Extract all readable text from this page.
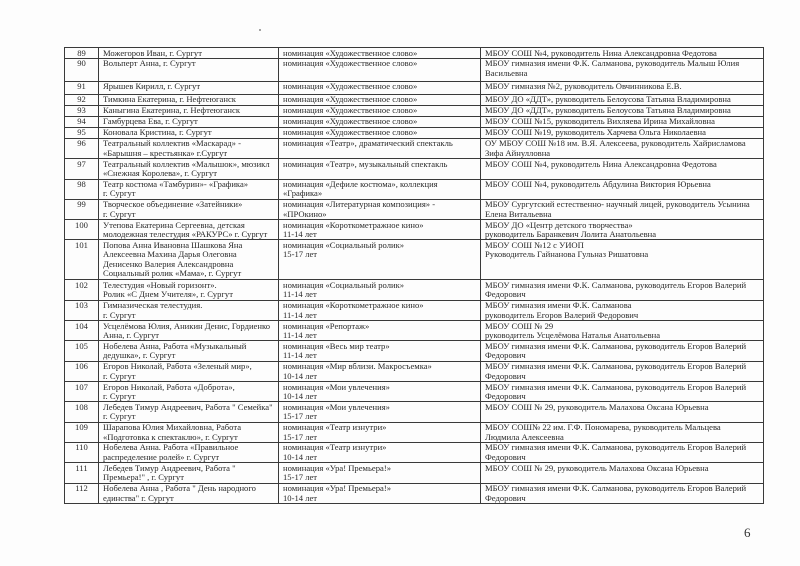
89	Можегоров Иван, г. Сургут	номинация «Художественное слово»	МБОУ СОШ №4, руководитель Нина Александровна Федотова

90	Вольперт Анна, г. Сургут	номинация «Художественное слово»	МБОУ гимназия имени Ф.К. Салманова, руководитель Малыш Юлия
Васильевна

91	Ярышев Кирилл, г. Сургут	номинация «Художественное слово»	МБОУ гимназия №2, руководитель Овчинникова Е.В.

92	Тимкина Екатерина, г. Нефтеюганск	номинация «Художественное слово»	МБОУ ДО «ДДТ», руководитель Белоусова Татьяна Владимировна

93	Каныгина Екатерина, г. Нефтеюганск	номинация «Художественное слово»	МБОУ ДО «ДДТ», руководитель Белоусова Татьяна Владимировна

94	Гамбурцева Ева, г. Сургут	номинация «Художественное слово»	МБОУ СОШ №15, руководитель Вихляева Ирина Михайловна

95	Коновала Кристина, г. Сургут	номинация «Художественное слово»	МБОУ СОШ №19, руководитель Харчева Ольга Николаевна

96	Театральный коллектив «Маскарад» -
«Барышня – крестьянка» г.Сургут	номинация «Театр», драматический спектакль	ОУ МБОУ СОШ №18 им. В.Я. Алексеева, руководитель Хайрисламова
Зифа Айнулловна

97	Театральный коллектив «Малышок», мюзикл
«Снежная Королева», г. Сургут	номинация «Театр», музыкальный спектакль	МБОУ СОШ №4, руководитель Нина Александровна Федотова

98	Театр костюма «Тамбурин»- «Графика»
г. Сургут	номинация «Дефиле костюма», коллекция
«Графика»	МБОУ СОШ №4, руководитель Абдулина Виктория Юрьевна

99	Творческое объединение «Затейники»
г. Сургут	номинация «Литературная композиция» -
«ПРОкино»	МБОУ Сургутский естественно- научный лицей, руководитель Усынина
Елена Витальевна

100	Утепова Екатерина Сергеевна, детская
молодежная телестудия «РАКУРС» г. Сургут	номинация «Короткометражное кино»
11-14 лет	МБОУ ДО «Центр детского творчества»
руководитель Баранкевич Лолита Анатольевна

101	Попова Анна Ивановна Шашкова Яна
Алексеевна Махина Дарья Олеговна
Денисенко Валерия Александровна
Социальный ролик «Мама», г. Сургут	номинация «Социальный ролик»
15-17 лет	МБОУ СОШ №12 с УИОП
Руководитель Гайнанова Гульназ Ришатовна

102	Телестудия «Новый горизонт».
Ролик «С Днем Учителя», г. Сургут	номинация «Социальный ролик»
11-14 лет	МБОУ гимназия имени Ф.К. Салманова, руководитель Егоров Валерий
Федорович

103	Гимназическая телестудия.
г. Сургут	номинация «Короткометражное кино»
11-14 лет	МБОУ гимназия имени Ф.К. Салманова
руководитель Егоров Валерий Федорович

104	Усцелёмова Юлия, Аникин Денис, Гордиенко
Анна, г. Сургут	номинация «Репортаж»
11-14 лет	МБОУ СОШ № 29
руководитель Усцелёмова Наталья Анатольевна

105	Нобелева Анна, Работа «Музыкальный
дедушка», г. Сургут	номинация «Весь мир театр»
11-14 лет	МБОУ гимназия имени Ф.К. Салманова, руководитель Егоров Валерий
Федорович

106	Егоров Николай, Работа «Зеленый мир»,
г. Сургут	номинация «Мир вблизи. Макросъемка»
10-14 лет	МБОУ гимназия имени Ф.К. Салманова, руководитель Егоров Валерий
Федорович

107	Егоров Николай, Работа «Доброта»,
г. Сургут	номинация «Мои увлечения»
10-14 лет	МБОУ гимназия имени Ф.К. Салманова, руководитель Егоров Валерий
Федорович

108	Лебедев Тимур Андреевич, Работа " Семейка"
г. Сургут	номинация «Мои увлечения»
15-17 лет	МБОУ СОШ № 29, руководитель Малахова Оксана Юрьевна

109	Шарапова Юлия Михайловна, Работа
«Подготовка к спектаклю», г. Сургут	номинация «Театр изнутри»
15-17 лет	МБОУ СОШ№ 22 им. Г.Ф. Пономарева, руководитель Мальцева
Людмила Алексеевна

110	Нобелева Анна. Работа «Правильное
распределение ролей» г. Сургут	номинация «Театр изнутри»
10-14 лет	МБОУ гимназия имени Ф.К. Салманова, руководитель Егоров Валерий
Федорович

111	Лебедев Тимур Андреевич, Работа "
Премьера!" , г. Сургут	номинация «Ура! Премьера!»
15-17 лет	МБОУ СОШ № 29, руководитель Малахова Оксана Юрьевна

112	Нобелева Анна , Работа " День народного
единства" г. Сургут	номинация «Ура! Премьера!»
10-14 лет	МБОУ гимназия имени Ф.К. Салманова, руководитель Егоров Валерий
Федорович
6
